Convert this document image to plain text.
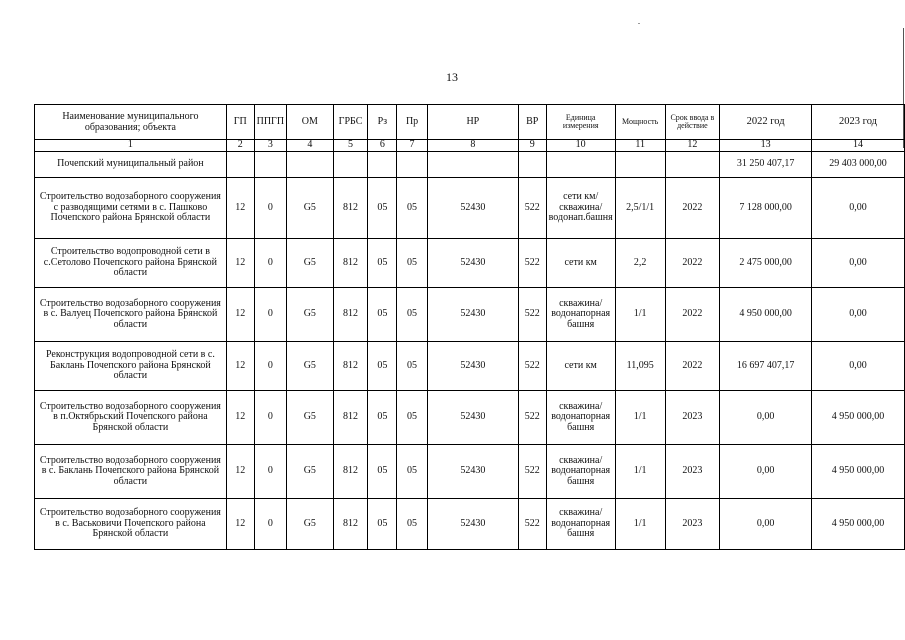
13
Наименование муниципального образования; объекта	ГП	ППГП	ОМ	ГРБС	Рз	Пр	НР	ВР	Единица измерения	Мощность	Срок ввода в действие	2022 год	2023 год
1	2	3	4	5	6	7	8	9	10	11	12	13	14
Почепский муниципальный район												31 250 407,17	29 403 000,00
Строительство водозаборного сооружения с разводящими сетями в с. Пашково Почепского района Брянской области	12	0	G5	812	05	05	52430	522	сети км/скважина/водонап.башня	2,5/1/1	2022	7 128 000,00	0,00
Строительство водопроводной сети в с.Сетолово Почепского района Брянской области	12	0	G5	812	05	05	52430	522	сети км	2,2	2022	2 475 000,00	0,00
Строительство водозаборного сооружения в с. Валуец Почепского района Брянской области	12	0	G5	812	05	05	52430	522	скважина/водонапорная башня	1/1	2022	4 950 000,00	0,00
Реконструкция водопроводной сети в с. Баклань Почепского района Брянской области	12	0	G5	812	05	05	52430	522	сети км	11,095	2022	16 697 407,17	0,00
Строительство водозаборного сооружения в п.Октябрьский Почепского района Брянской области	12	0	G5	812	05	05	52430	522	скважина/водонапорная башня	1/1	2023	0,00	4 950 000,00
Строительство водозаборного сооружения в с. Баклань Почепского района Брянской области	12	0	G5	812	05	05	52430	522	скважина/водонапорная башня	1/1	2023	0,00	4 950 000,00
Строительство водозаборного сооружения в с. Васьковичи Почепского района Брянской области	12	0	G5	812	05	05	52430	522	скважина/водонапорная башня	1/1	2023	0,00	4 950 000,00
